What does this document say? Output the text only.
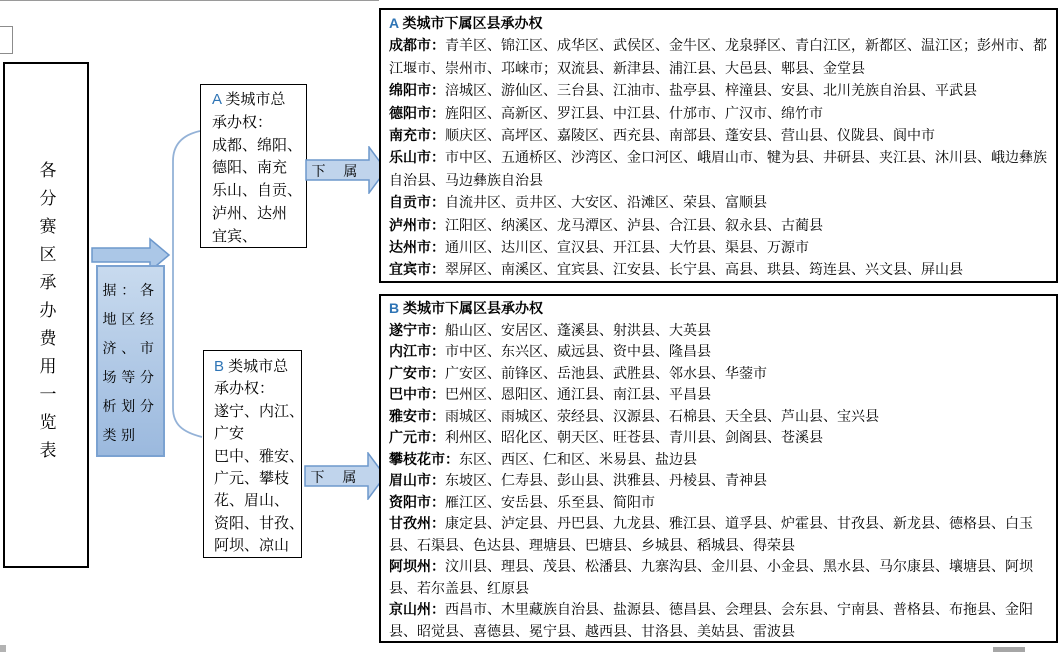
各分赛区承办费用一览表	据：各地区经济、市场等分析划分类别
A 类城市总
承办权：
成都、绵阳、
德阳、南充
乐山、自贡、
泸州、达州
宜宾、
B 类城市总
承办权：
遂宁、内江、
广安
巴中、雅安、
广元、攀枝
花、眉山、
资阳、甘孜、
阿坝、凉山
下 属
下 属
A 类城市下属区县承办权
成都市：青羊区、锦江区、成华区、武侯区、金牛区、龙泉驿区、青白江区，新都区、温江区；彭州市、都江堰市、崇州市、邛崃市；双流县、新津县、浦江县、大邑县、郫县、金堂县
绵阳市：涪城区、游仙区、三台县、江油市、盐亭县、梓潼县、安县、北川羌族自治县、平武县
德阳市：旌阳区、高新区、罗江县、中江县、什邡市、广汉市、绵竹市
南充市：顺庆区、高坪区、嘉陵区、西充县、南部县、蓬安县、营山县、仪陇县、阆中市
乐山市：市中区、五通桥区、沙湾区、金口河区、峨眉山市、犍为县、井研县、夹江县、沐川县、峨边彝族自治县、马边彝族自治县
自贡市：自流井区、贡井区、大安区、沿滩区、荣县、富顺县
泸州市：江阳区、纳溪区、龙马潭区、泸县、合江县、叙永县、古蔺县
达州市：通川区、达川区、宣汉县、开江县、大竹县、渠县、万源市
宜宾市：翠屏区、南溪区、宜宾县、江安县、长宁县、高县、珙县、筠连县、兴文县、屏山县
B 类城市下属区县承办权
遂宁市：船山区、安居区、蓬溪县、射洪县、大英县
内江市：市中区、东兴区、威远县、资中县、隆昌县
广安市：广安区、前锋区、岳池县、武胜县、邻水县、华蓥市
巴中市：巴州区、恩阳区、通江县、南江县、平昌县
雅安市：雨城区、雨城区、荥经县、汉源县、石棉县、天全县、芦山县、宝兴县
广元市：利州区、昭化区、朝天区、旺苍县、青川县、剑阁县、苍溪县
攀枝花市：东区、西区、仁和区、米易县、盐边县
眉山市：东坡区、仁寿县、彭山县、洪雅县、丹棱县、青神县
资阳市：雁江区、安岳县、乐至县、简阳市
甘孜州：康定县、泸定县、丹巴县、九龙县、雅江县、道孚县、炉霍县、甘孜县、新龙县、德格县、白玉县、石渠县、色达县、理塘县、巴塘县、乡城县、稻城县、得荣县
阿坝州：汶川县、理县、茂县、松潘县、九寨沟县、金川县、小金县、黑水县、马尔康县、壤塘县、阿坝县、若尔盖县、红原县
京山州：西昌市、木里藏族自治县、盐源县、德昌县、会理县、会东县、宁南县、普格县、布拖县、金阳县、昭觉县、喜德县、冕宁县、越西县、甘洛县、美姑县、雷波县
